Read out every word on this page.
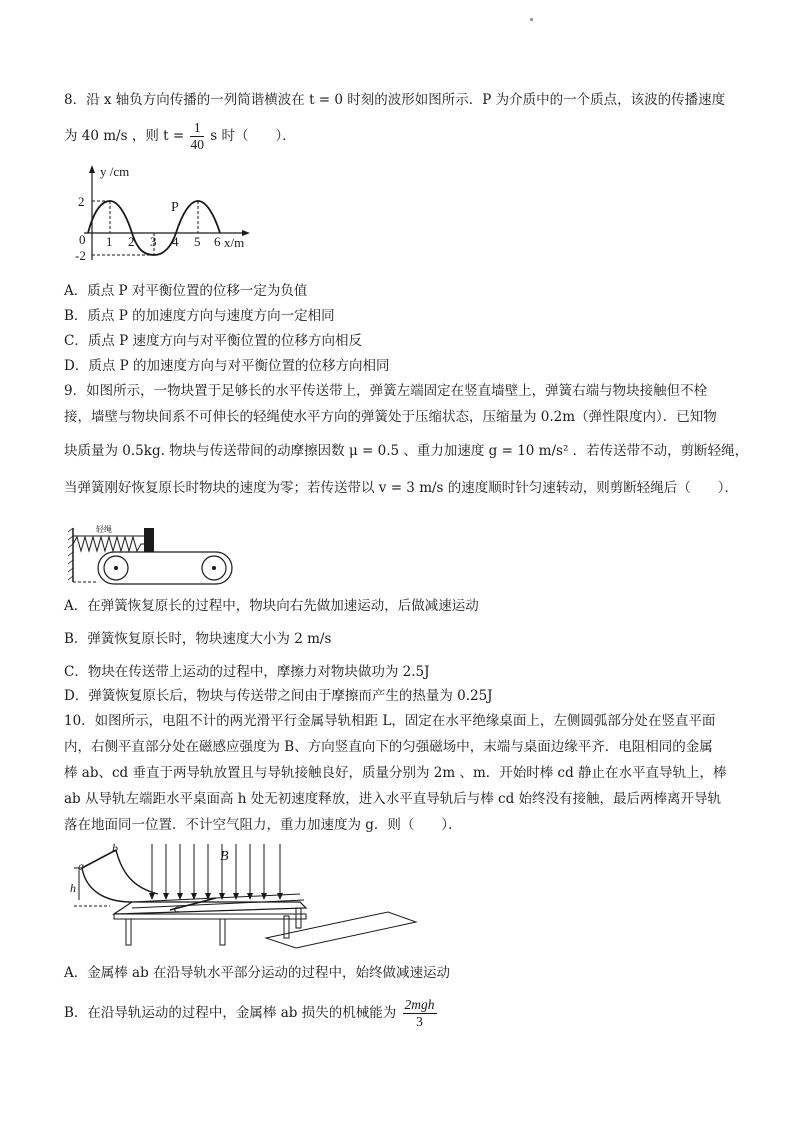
8．沿 x 轴负方向传播的一列简谐横波在 t = 0 时刻的波形如图所示．P 为介质中的一个质点，该波的传播速度
为 40 m/s ，则 $t = \frac{1}{40}$ s 时（　　）．
y /cm
2
-2
0 1 2 3 4 5 6 x/m
P
A．质点 P 对平衡位置的位移一定为负值
B．质点 P 的加速度方向与速度方向一定相同
C．质点 P 速度方向与对平衡位置的位移方向相反
D．质点 P 的加速度方向与对平衡位置的位移方向相同
9．如图所示，一物块置于足够长的水平传送带上，弹簧左端固定在竖直墙壁上，弹簧右端与物块接触但不栓
接，墙壁与物块间系不可伸长的轻绳使水平方向的弹簧处于压缩状态，压缩量为 0.2m（弹性限度内）．已知物
块质量为 0.5kg. 物块与传送带间的动摩擦因数 μ = 0.5 、重力加速度 g = 10 m/s² ．若传送带不动，剪断轻绳，
当弹簧刚好恢复原长时物块的速度为零；若传送带以 v = 3 m/s 的速度顺时针匀速转动，则剪断轻绳后（　　）．
轻绳
A．在弹簧恢复原长的过程中，物块向右先做加速运动，后做减速运动
B．弹簧恢复原长时，物块速度大小为 2 m/s
C．物块在传送带上运动的过程中，摩擦力对物块做功为 2.5J
D．弹簧恢复原长后，物块与传送带之间由于摩擦而产生的热量为 0.25J
10．如图所示，电阻不计的两光滑平行金属导轨相距 L，固定在水平绝缘桌面上，左侧圆弧部分处在竖直平面
内，右侧平直部分处在磁感应强度为 B、方向竖直向下的匀强磁场中，末端与桌面边缘平齐．电阻相同的金属
棒 ab、cd 垂直于两导轨放置且与导轨接触良好，质量分别为 2m 、m．开始时棒 cd 静止在水平直导轨上，棒
ab 从导轨左端距水平桌面高 h 处无初速度释放，进入水平直导轨后与棒 cd 始终没有接触，最后两棒离开导轨
落在地面同一位置．不计空气阻力，重力加速度为 g．则（　　）．
B
a
b
h
c
A．金属棒 ab 在沿导轨水平部分运动的过程中，始终做减速运动
B．在沿导轨运动的过程中，金属棒 ab 损失的机械能为 $\frac{\text{2mgh}}{3}$
